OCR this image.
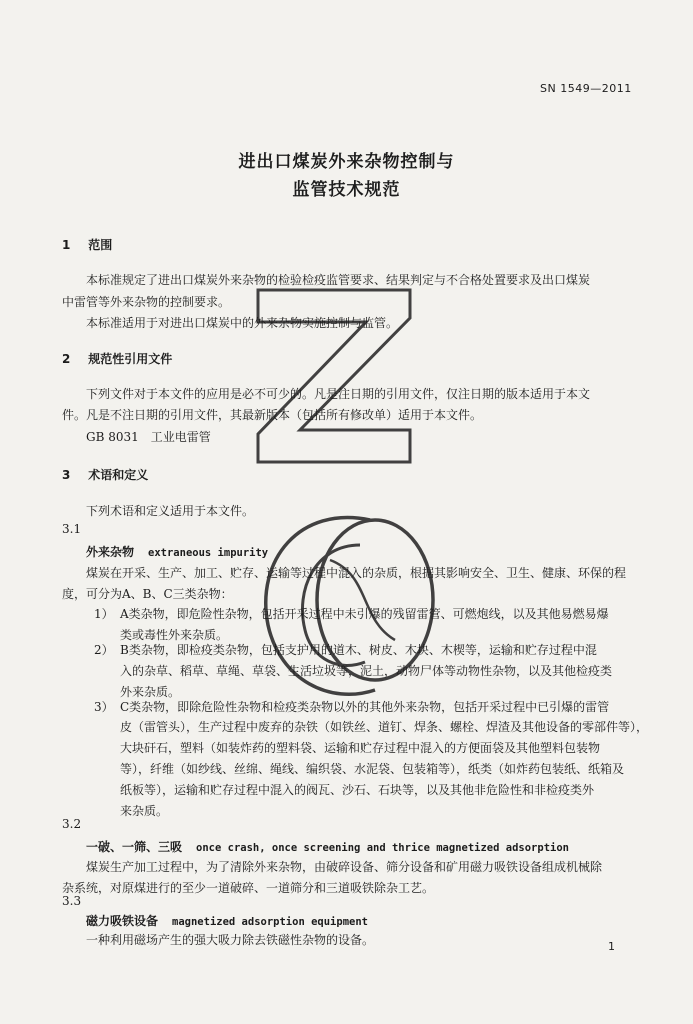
SN 1549—2011
进出口煤炭外来杂物控制与
监管技术规范
1 范围
本标准规定了进出口煤炭外来杂物的检验检疫监管要求、结果判定与不合格处置要求及出口煤炭
中雷管等外来杂物的控制要求。
本标准适用于对进出口煤炭中的外来杂物实施控制与监管。
2 规范性引用文件
下列文件对于本文件的应用是必不可少的。凡是注日期的引用文件，仅注日期的版本适用于本文
件。凡是不注日期的引用文件，其最新版本（包括所有修改单）适用于本文件。
GB 8031　工业电雷管
3 术语和定义
下列术语和定义适用于本文件。
3.1
外来杂物 extraneous impurity
煤炭在开采、生产、加工、贮存、运输等过程中混入的杂质，根据其影响安全、卫生、健康、环保的程
度，可分为A、B、C三类杂物：
1） A类杂物，即危险性杂物，包括开采过程中未引爆的残留雷管、可燃炮线，以及其他易燃易爆
类或毒性外来杂质。
2） B类杂物，即检疫类杂物，包括支护用的道木、树皮、木块、木楔等，运输和贮存过程中混
入的杂草、稻草、草绳、草袋、生活垃圾等，泥土，动物尸体等动物性杂物，以及其他检疫类
外来杂质。
3） C类杂物，即除危险性杂物和检疫类杂物以外的其他外来杂物，包括开采过程中已引爆的雷管
皮（雷管头），生产过程中废弃的杂铁（如铁丝、道钉、焊条、螺栓、焊渣及其他设备的零部件等），
大块矸石，塑料（如装炸药的塑料袋、运输和贮存过程中混入的方便面袋及其他塑料包装物
等），纤维（如纱线、丝绵、绳线、编织袋、水泥袋、包装箱等），纸类（如炸药包装纸、纸箱及
纸板等），运输和贮存过程中混入的阀瓦、沙石、石块等，以及其他非危险性和非检疫类外
来杂质。
3.2
一破、一筛、三吸 once crash, once screening and thrice magnetized adsorption
煤炭生产加工过程中，为了清除外来杂物，由破碎设备、筛分设备和矿用磁力吸铁设备组成机械除
杂系统，对原煤进行的至少一道破碎、一道筛分和三道吸铁除杂工艺。
3.3
磁力吸铁设备 magnetized adsorption equipment
一种利用磁场产生的强大吸力除去铁磁性杂物的设备。	1
